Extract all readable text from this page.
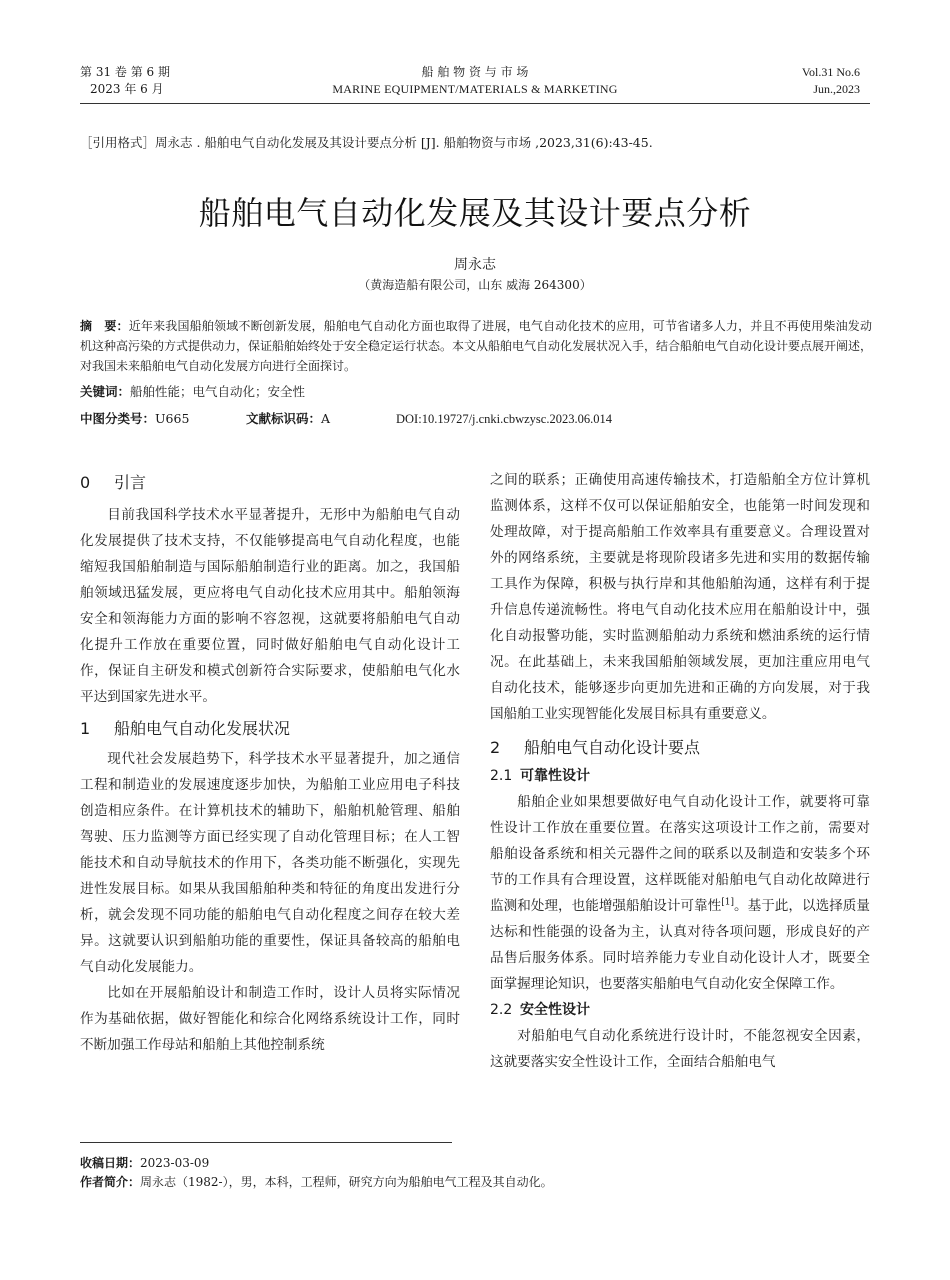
第 31 卷 第 6 期
2023 年 6 月
船 舶 物 资 与 市 场
MARINE EQUIPMENT/MATERIALS & MARKETING
Vol.31 No.6
Jun.,2023
［引用格式］周永志 . 船舶电气自动化发展及其设计要点分析 [J]. 船舶物资与市场 ,2023,31(6):43-45.
船舶电气自动化发展及其设计要点分析
周永志
（黄海造船有限公司，山东 威海 264300）
摘　要：近年来我国船舶领域不断创新发展，船舶电气自动化方面也取得了进展，电气自动化技术的应用，可节省诸多人力，并且不再使用柴油发动机这种高污染的方式提供动力，保证船舶始终处于安全稳定运行状态。本文从船舶电气自动化发展状况入手，结合船舶电气自动化设计要点展开阐述，对我国未来船舶电气自动化发展方向进行全面探讨。
关键词：船舶性能；电气自动化；安全性
中图分类号：U665	文献标识码：A	DOI:10.19727/j.cnki.cbwzysc.2023.06.014
0 引言

目前我国科学技术水平显著提升，无形中为船舶电气自动化发展提供了技术支持，不仅能够提高电气自动化程度，也能缩短我国船舶制造与国际船舶制造行业的距离。加之，我国船舶领域迅猛发展，更应将电气自动化技术应用其中。船舶领海安全和领海能力方面的影响不容忽视，这就要将船舶电气自动化提升工作放在重要位置，同时做好船舶电气自动化设计工作，保证自主研发和模式创新符合实际要求，使船舶电气化水平达到国家先进水平。

1 船舶电气自动化发展状况

现代社会发展趋势下，科学技术水平显著提升，加之通信工程和制造业的发展速度逐步加快，为船舶工业应用电子科技创造相应条件。在计算机技术的辅助下，船舶机舱管理、船舶驾驶、压力监测等方面已经实现了自动化管理目标；在人工智能技术和自动导航技术的作用下，各类功能不断强化，实现先进性发展目标。如果从我国船舶种类和特征的角度出发进行分析，就会发现不同功能的船舶电气自动化程度之间存在较大差异。这就要认识到船舶功能的重要性，保证具备较高的船舶电气自动化发展能力。

比如在开展船舶设计和制造工作时，设计人员将实际情况作为基础依据，做好智能化和综合化网络系统设计工作，同时不断加强工作母站和船舶上其他控制系统

之间的联系；正确使用高速传输技术，打造船舶全方位计算机监测体系，这样不仅可以保证船舶安全，也能第一时间发现和处理故障，对于提高船舶工作效率具有重要意义。合理设置对外的网络系统，主要就是将现阶段诸多先进和实用的数据传输工具作为保障，积极与执行岸和其他船舶沟通，这样有利于提升信息传递流畅性。将电气自动化技术应用在船舶设计中，强化自动报警功能，实时监测船舶动力系统和燃油系统的运行情况。在此基础上，未来我国船舶领域发展，更加注重应用电气自动化技术，能够逐步向更加先进和正确的方向发展，对于我国船舶工业实现智能化发展目标具有重要意义。

2 船舶电气自动化设计要点
2.1 可靠性设计

船舶企业如果想要做好电气自动化设计工作，就要将可靠性设计工作放在重要位置。在落实这项设计工作之前，需要对船舶设备系统和相关元器件之间的联系以及制造和安装多个环节的工作具有合理设置，这样既能对船舶电气自动化故障进行监测和处理，也能增强船舶设计可靠性[1]。基于此，以选择质量达标和性能强的设备为主，认真对待各项问题，形成良好的产品售后服务体系。同时培养能力专业自动化设计人才，既要全面掌握理论知识，也要落实船舶电气自动化安全保障工作。

2.2 安全性设计

对船舶电气自动化系统进行设计时，不能忽视安全因素，这就要落实安全性设计工作，全面结合船舶电气

收稿日期：2023-03-09
作者简介：周永志（1982-），男，本科，工程师，研究方向为船舶电气工程及其自动化。
